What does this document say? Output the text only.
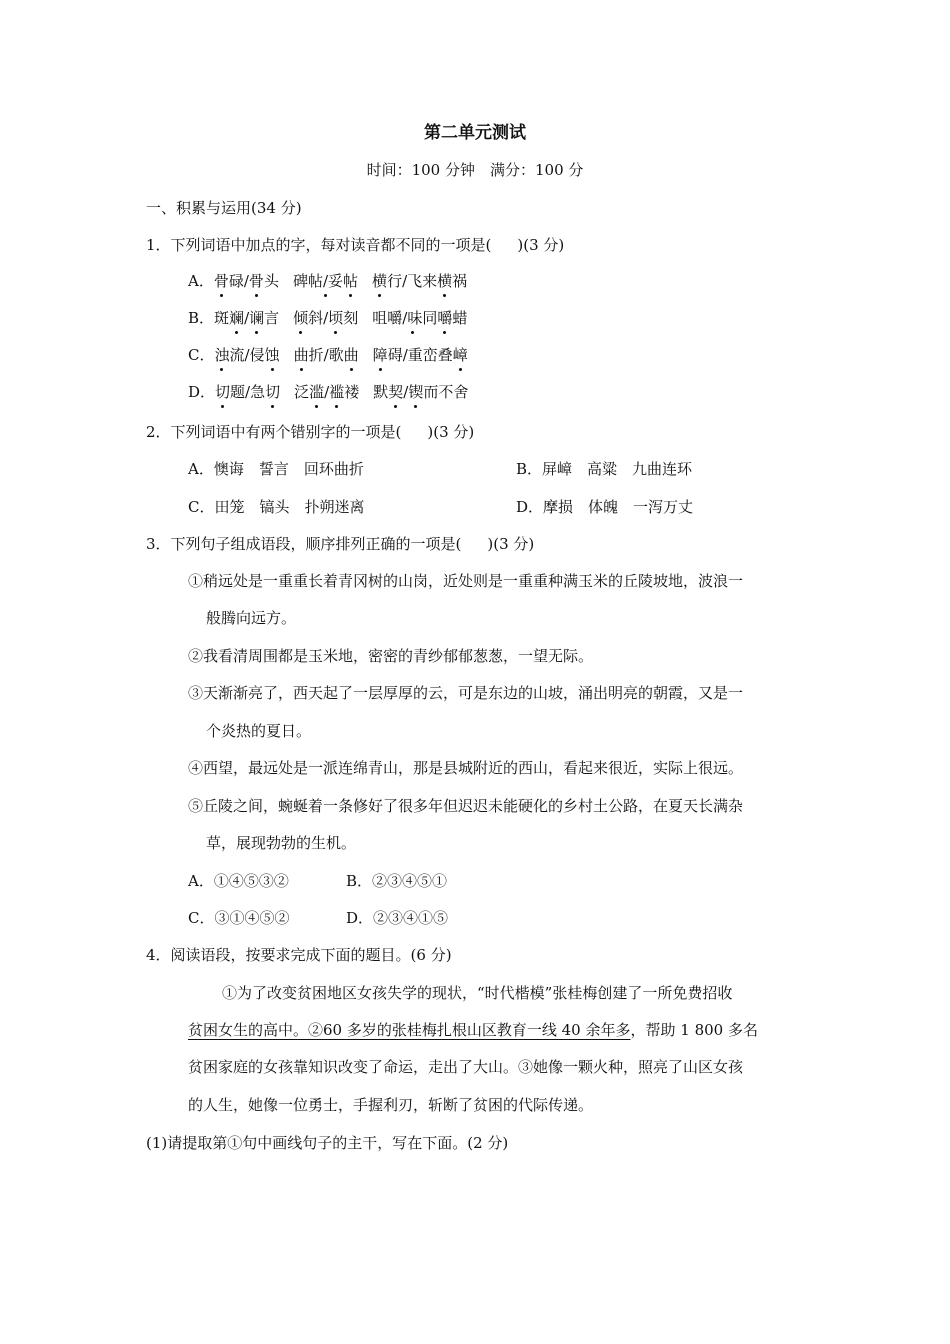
第二单元测试
时间：100 分钟　满分：100 分
一、积累与运用(34 分)
1．下列词语中加点的字，每对读音都不同的一项是( )(3 分)
A．骨碌/骨头 碑帖/妥帖 横行/飞来横祸
B．斑斓/谰言 倾斜/顷刻 咀嚼/味同嚼蜡
C．浊流/侵蚀 曲折/歌曲 障碍/重峦叠嶂
D．切题/急切 泛滥/褴褛 默契/锲而不舍
2．下列词语中有两个错别字的一项是( )(3 分)
A．懊诲　誓言　回环曲折	B．屏嶂　高粱　九曲连环
C．田笼　镐头　扑朔迷离	D．摩损　体魄　一泻万丈
3．下列句子组成语段，顺序排列正确的一项是( )(3 分)
①稍远处是一重重长着青冈树的山岗，近处则是一重重种满玉米的丘陵坡地，波浪一
般腾向远方。
②我看清周围都是玉米地，密密的青纱郁郁葱葱，一望无际。
③天渐渐亮了，西天起了一层厚厚的云，可是东边的山坡，涌出明亮的朝霞，又是一
个炎热的夏日。
④西望，最远处是一派连绵青山，那是县城附近的西山，看起来很近，实际上很远。
⑤丘陵之间，蜿蜒着一条修好了很多年但迟迟未能硬化的乡村土公路，在夏天长满杂
草，展现勃勃的生机。
A．①④⑤③②	B．②③④⑤①
C．③①④⑤②	D．②③④①⑤
4．阅读语段，按要求完成下面的题目。(6 分)
①为了改变贫困地区女孩失学的现状，“时代楷模”张桂梅创建了一所免费招收
贫困女生的高中。②60 多岁的张桂梅扎根山区教育一线 40 余年多，帮助 1 800 多名
贫困家庭的女孩靠知识改变了命运，走出了大山。③她像一颗火种，照亮了山区女孩
的人生，她像一位勇士，手握利刃，斩断了贫困的代际传递。
(1)请提取第①句中画线句子的主干，写在下面。(2 分)
